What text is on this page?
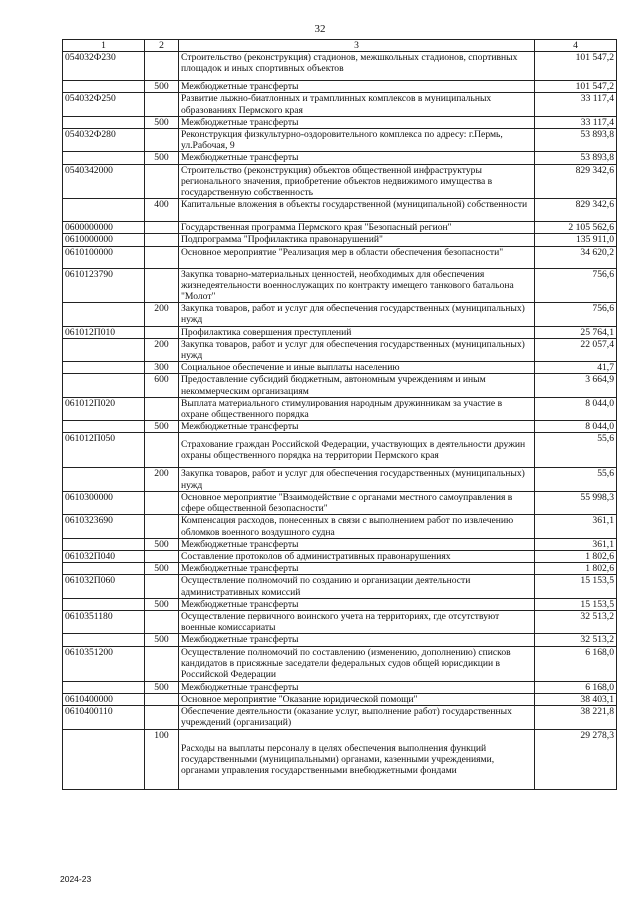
32
1	2	3	4
054032Ф230		Строительство (реконструкция) стадионов, межшкольных стадионов, спортивных площадок и иных спортивных объектов	101 547,2
	500	Межбюджетные трансферты	101 547,2
054032Ф250		Развитие лыжно-биатлонных и трамплинных комплексов в муниципальных образованиях Пермского края	33 117,4
	500	Межбюджетные трансферты	33 117,4
054032Ф280		Реконструкция физкультурно-оздоровительного комплекса по адресу: г.Пермь, ул.Рабочая, 9	53 893,8
	500	Межбюджетные трансферты	53 893,8
0540342000		Строительство (реконструкция) объектов общественной инфраструктуры регионального значения, приобретение объектов недвижимого имущества в государственную собственность	829 342,6
	400	Капитальные вложения в объекты государственной (муниципальной) собственности	829 342,6
0600000000		Государственная программа Пермского края "Безопасный регион"	2 105 562,6
0610000000		Подпрограмма "Профилактика правонарушений"	135 911,0
0610100000		Основное мероприятие "Реализация мер в области обеспечения безопасности"	34 620,2
0610123790		Закупка товарно-материальных ценностей, необходимых для обеспечения жизнедеятельности военнослужащих по контракту имещего танкового батальона "Молот"	756,6
	200	Закупка товаров, работ и услуг для обеспечения государственных (муниципальных) нужд	756,6
061012П010		Профилактика совершения преступлений	25 764,1
	200	Закупка товаров, работ и услуг для обеспечения государственных (муниципальных) нужд	22 057,4
	300	Социальное обеспечение и иные выплаты населению	41,7
	600	Предоставление субсидий бюджетным, автономным учреждениям и иным некоммерческим организациям	3 664,9
061012П020		Выплата материального стимулирования народным дружинникам за участие в охране общественного порядка	8 044,0
	500	Межбюджетные трансферты	8 044,0
061012П050		Страхование граждан Российской Федерации, участвующих в деятельности дружин охраны общественного порядка на территории Пермского края	55,6
	200	Закупка товаров, работ и услуг для обеспечения государственных (муниципальных) нужд	55,6
0610300000		Основное мероприятие "Взаимодействие с органами местного самоуправления в сфере общественной безопасности"	55 998,3
0610323690		Компенсация расходов, понесенных в связи с выполнением работ по извлечению обломков военного воздушного судна	361,1
	500	Межбюджетные трансферты	361,1
061032П040		Составление протоколов об административных правонарушениях	1 802,6
	500	Межбюджетные трансферты	1 802,6
061032П060		Осуществление полномочий по созданию и организации деятельности административных комиссий	15 153,5
	500	Межбюджетные трансферты	15 153,5
0610351180		Осуществление первичного воинского учета на территориях, где отсутствуют военные комиссариаты	32 513,2
	500	Межбюджетные трансферты	32 513,2
0610351200		Осуществление полномочий по составлению (изменению, дополнению) списков кандидатов в присяжные заседатели федеральных судов общей юрисдикции в Российской Федерации	6 168,0
	500	Межбюджетные трансферты	6 168,0
0610400000		Основное мероприятие "Оказание юридической помощи"	38 403,1
0610400110		Обеспечение деятельности (оказание услуг, выполнение работ) государственных учреждений (организаций)	38 221,8
	100	Расходы на выплаты персоналу в целях обеспечения выполнения функций государственными (муниципальными) органами, казенными учреждениями, органами управления государственными внебюджетными фондами	29 278,3
2024-23
